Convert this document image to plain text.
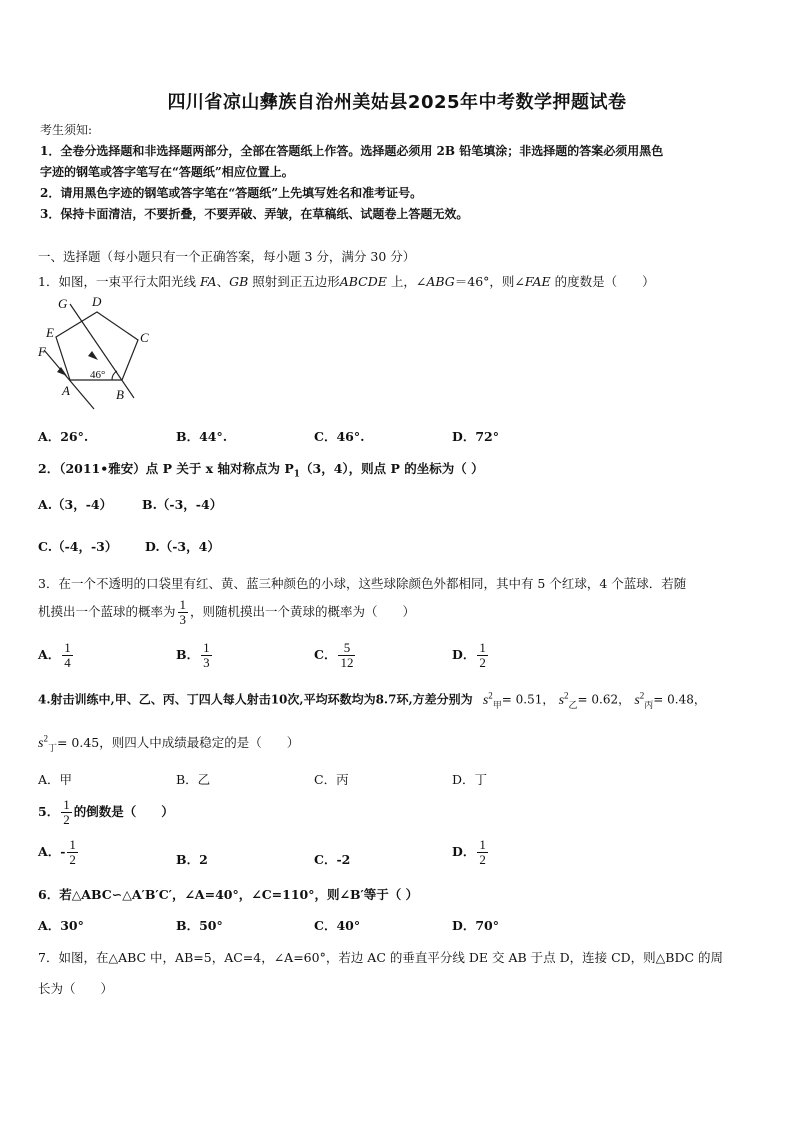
四川省凉山彝族自治州美姑县2025年中考数学押题试卷
考生须知:
1．全卷分选择题和非选择题两部分，全部在答题纸上作答。选择题必须用 2B 铅笔填涂；非选择题的答案必须用黑色
字迹的钢笔或答字笔写在“答题纸”相应位置上。
2．请用黑色字迹的钢笔或答字笔在“答题纸”上先填写姓名和准考证号。
3．保持卡面清洁，不要折叠，不要弄破、弄皱，在草稿纸、试题卷上答题无效。
一、选择题（每小题只有一个正确答案，每小题 3 分，满分 30 分）
1．如图，一束平行太阳光线 FA、GB 照射到正五边形ABCDE 上，∠ABG＝46°，则∠FAE 的度数是（　　）
G D
C
E
F
A	B
46°
A．26°.	B．44°.	C．46°.	D．72°
2．（2011•雅安）点 P 关于 x 轴对称点为 $P_1(3$，4），则点 P 的坐标为（ ）
A.（3，-4） B.（-3，-4）
C.（-4，-3） D.（-3，4）
3．在一个不透明的口袋里有红、黄、蓝三种颜色的小球，这些球除颜色外都相同，其中有 5 个红球，4 个蓝球．若随
机摸出一个蓝球的概率为 $\frac{1}{3}$ ，则随机摸出一个黄球的概率为（　　）
A． $\frac{1}{4}$	B． $\frac{1}{3}$	C． $\frac{5}{12}$	D． $\frac{1}{2}$
4.射击训练中,甲、乙、丙、丁四人每人射击10次,平均环数均为8.7环,方差分别为 $s^2_甲= 0.51$， $s^2_乙= 0.62$， $s^2_丙= 0.48$，
$s^2_丁= 0.45$，则四人中成绩最稳定的是（　　）
A．甲	B．乙	C．丙	D．丁
5． $\frac{1}{2}$ 的倒数是（　　）
A．- $\frac{1}{2}$	B．2	C．-2
D． $\frac{1}{2}$
6．若△ABC∽△A′B′C′，∠A=40°，∠C=110°，则∠B′等于（ ）
A．30°	B．50°	C．40°	D．70°
7．如图，在△ABC 中，AB=5，AC=4，∠A=60°，若边 AC 的垂直平分线 DE 交 AB 于点 D，连接 CD，则△BDC 的周
长为（　　）
